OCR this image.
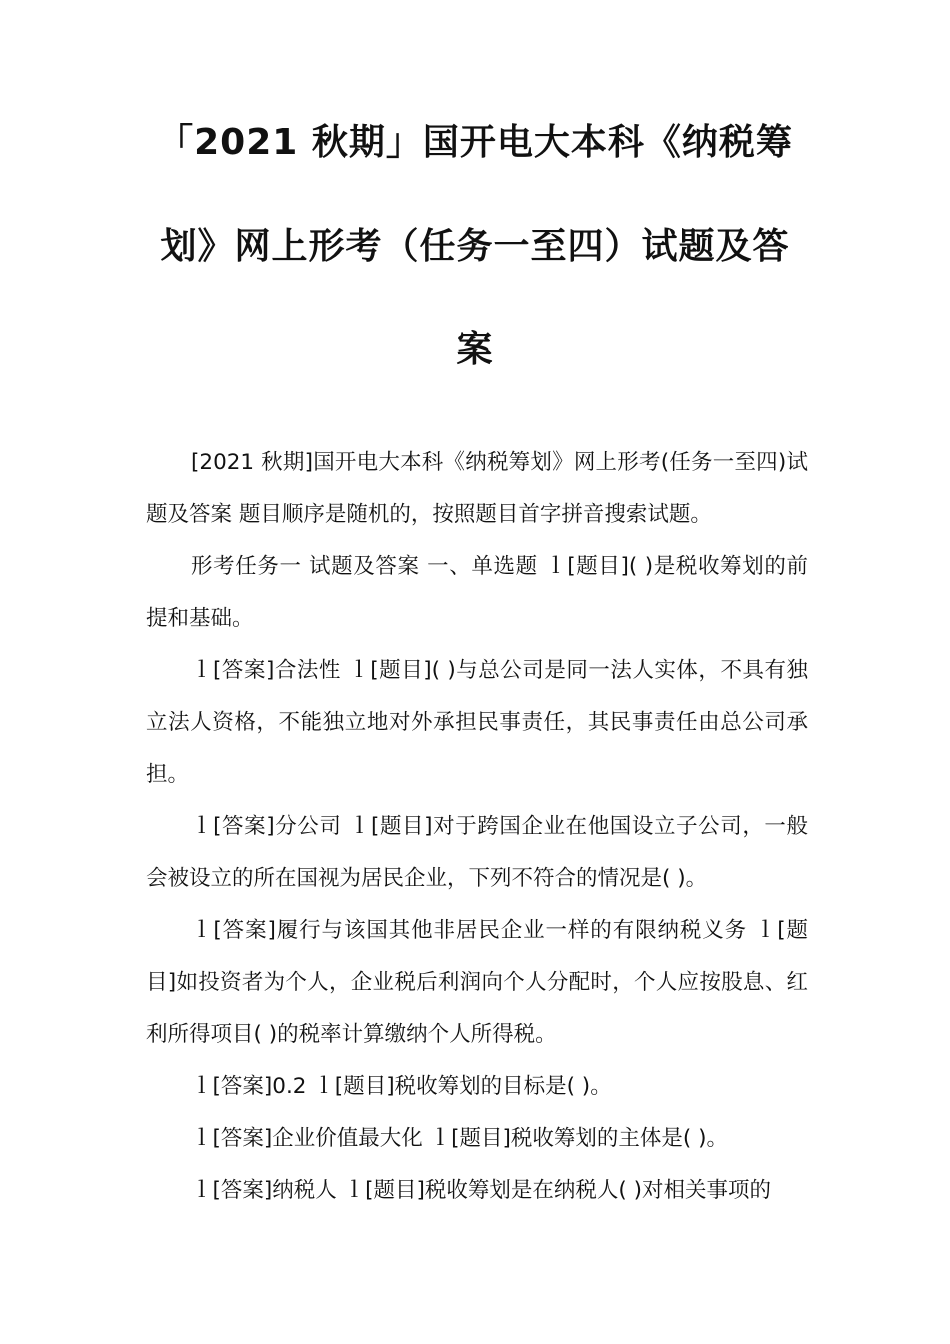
「2021 秋期」国开电大本科《纳税筹
划》网上形考（任务一至四）试题及答
案

[2021 秋期]国开电大本科《纳税筹划》网上形考(任务一至四)试题及答案 题目顺序是随机的，按照题目首字拼音搜索试题。

形考任务一 试题及答案 一、单选题 ｌ[题目]( )是税收筹划的前提和基础。

ｌ[答案]合法性 ｌ[题目]( )与总公司是同一法人实体，不具有独立法人资格，不能独立地对外承担民事责任，其民事责任由总公司承担。

ｌ[答案]分公司 ｌ[题目]对于跨国企业在他国设立子公司，一般会被设立的所在国视为居民企业，下列不符合的情况是( )。

ｌ[答案]履行与该国其他非居民企业一样的有限纳税义务 ｌ[题目]如投资者为个人，企业税后利润向个人分配时，个人应按股息、红利所得项目( )的税率计算缴纳个人所得税。

ｌ[答案]0.2 ｌ[题目]税收筹划的目标是( )。

ｌ[答案]企业价值最大化 ｌ[题目]税收筹划的主体是( )。

ｌ[答案]纳税人 ｌ[题目]税收筹划是在纳税人( )对相关事项的
